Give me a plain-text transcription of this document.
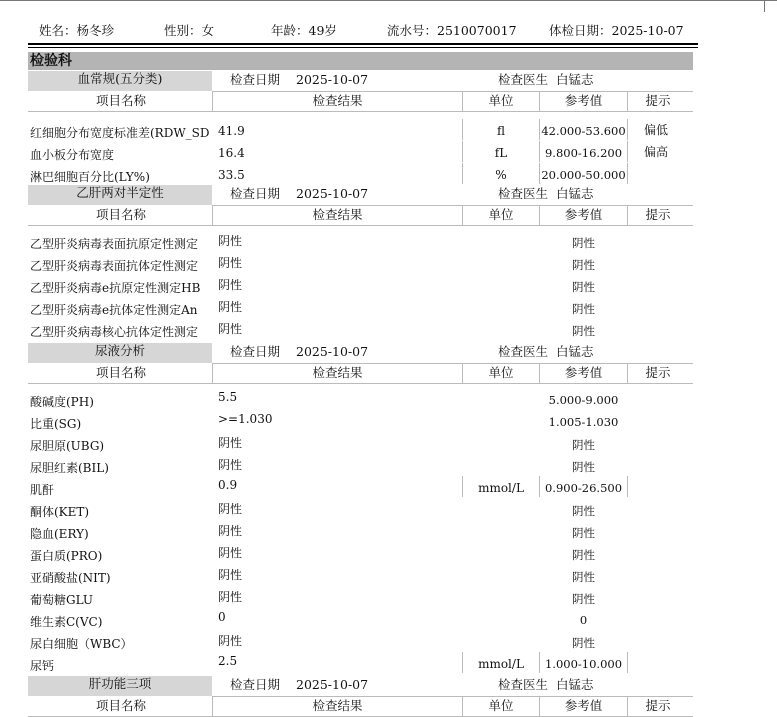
姓名：杨冬珍	性别：女	年龄：49岁	流水号：2510070017	体检日期：2025-10-07
检验科
血常规(五分类)	检查日期 2025-10-07	检查医生 白锰志
项目名称	检查结果	单位	参考值	提示
红细胞分布宽度标准差(RDW_SD 41.9	fl	42.000-53.600 偏低
血小板分布宽度	16.4	fL	9.800-16.200	偏高
淋巴细胞百分比(LY%)	33.5	%	20.000-50.000
乙肝两对半定性	检查日期 2025-10-07	检查医生 白锰志
项目名称	检查结果	单位	参考值	提示
乙型肝炎病毒表面抗原定性测定	阴性	阴性
乙型肝炎病毒表面抗体定性测定	阴性	阴性
乙型肝炎病毒e抗原定性测定HB	阴性	阴性
乙型肝炎病毒e抗体定性测定An	阴性	阴性
乙型肝炎病毒核心抗体定性测定	阴性	阴性
尿液分析	检查日期 2025-10-07	检查医生 白锰志
项目名称	检查结果	单位	参考值	提示
酸碱度(PH)	5.5	5.000-9.000
比重(SG)	>=1.030	1.005-1.030
尿胆原(UBG)	阴性	阴性
尿胆红素(BIL)	阴性	阴性
肌酐	0.9	mmol/L	0.900-26.500
酮体(KET)	阴性	阴性
隐血(ERY)	阴性	阴性
蛋白质(PRO)	阴性	阴性
亚硝酸盐(NIT)	阴性	阴性
葡萄糖GLU	阴性	阴性
维生素C(VC)	0	0
尿白细胞（WBC）	阴性	阴性
尿钙	2.5	mmol/L	1.000-10.000
肝功能三项	检查日期 2025-10-07	检查医生 白锰志
项目名称	检查结果	单位	参考值	提示
